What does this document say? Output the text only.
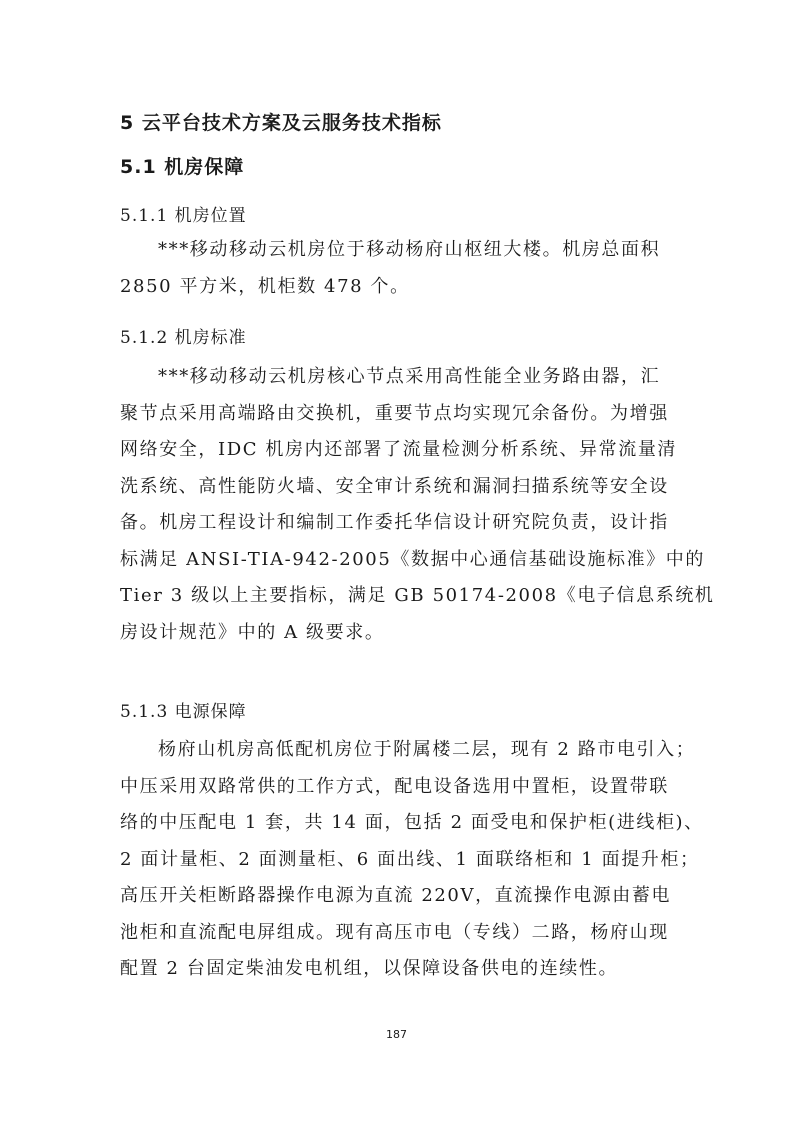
5 云平台技术方案及云服务技术指标
5.1 机房保障
5.1.1 机房位置
***移动移动云机房位于移动杨府山枢纽大楼。机房总面积
2850 平方米，机柜数 478 个。
5.1.2 机房标准
***移动移动云机房核心节点采用高性能全业务路由器，汇
聚节点采用高端路由交换机，重要节点均实现冗余备份。为增强
网络安全，IDC 机房内还部署了流量检测分析系统、异常流量清
洗系统、高性能防火墙、安全审计系统和漏洞扫描系统等安全设
备。机房工程设计和编制工作委托华信设计研究院负责，设计指
标满足 ANSI-TIA-942-2005《数据中心通信基础设施标准》中的
Tier 3 级以上主要指标，满足 GB 50174-2008《电子信息系统机
房设计规范》中的 A 级要求。
5.1.3 电源保障
杨府山机房高低配机房位于附属楼二层，现有 2 路市电引入；
中压采用双路常供的工作方式，配电设备选用中置柜，设置带联
络的中压配电 1 套，共 14 面，包括 2 面受电和保护柜(进线柜)、
2 面计量柜、2 面测量柜、6 面出线、1 面联络柜和 1 面提升柜；
高压开关柜断路器操作电源为直流 220V，直流操作电源由蓄电
池柜和直流配电屏组成。现有高压市电（专线）二路，杨府山现
配置 2 台固定柴油发电机组，以保障设备供电的连续性。
187
